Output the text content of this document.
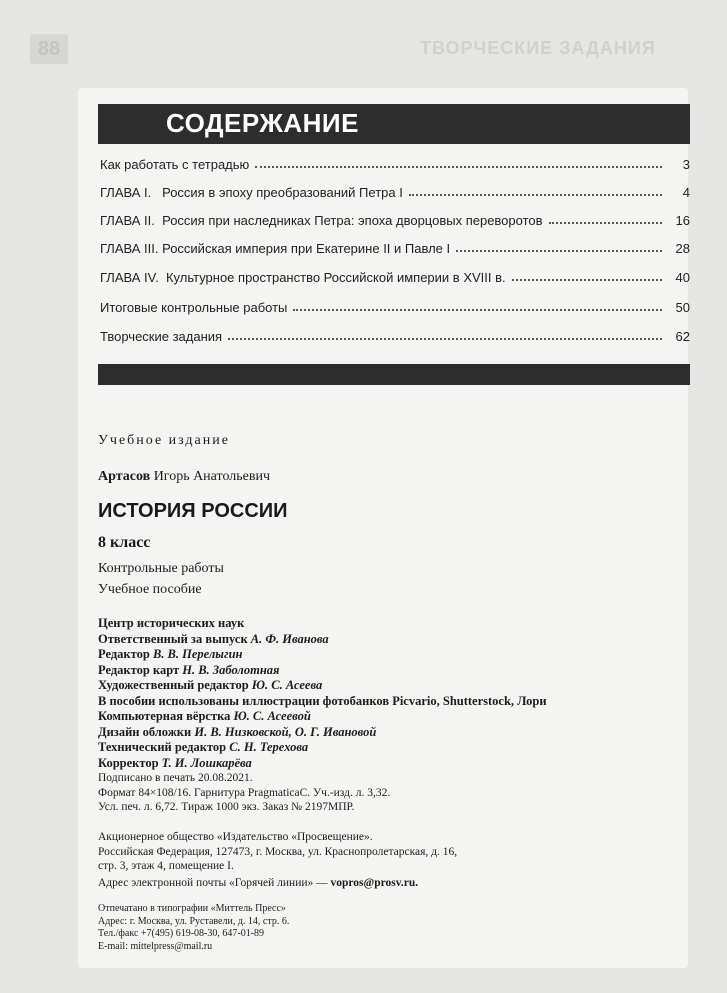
88	ТВОРЧЕСКИЕ ЗАДАНИЯ
СОДЕРЖАНИЕ
Как работать с тетрадью	3
ГЛАВА I.   Россия в эпоху преобразований Петра I	4
ГЛАВА II.  Россия при наследниках Петра: эпоха дворцовых переворотов	16
ГЛАВА III. Российская империя при Екатерине II и Павле I	28
ГЛАВА IV.  Культурное пространство Российской империи в XVIII в.	40
Итоговые контрольные работы	50
Творческие задания	62
Учебное издание
Артасов Игорь Анатольевич
ИСТОРИЯ РОССИИ
8 класс
Контрольные работы
Учебное пособие
Центр исторических наук
Ответственный за выпуск А. Ф. Иванова
Редактор В. В. Перелыгин
Редактор карт Н. В. Заболотная
Художественный редактор Ю. С. Асеева
В пособии использованы иллюстрации фотобанков Picvario, Shutterstock, Лори
Компьютерная вёрстка Ю. С. Асеевой
Дизайн обложки И. В. Низковской, О. Г. Ивановой
Технический редактор С. Н. Терехова
Корректор Т. И. Лошкарёва
Подписано в печать 20.08.2021.
Формат 84×108/16. Гарнитура PragmaticaC. Уч.-изд. л. 3,32.
Усл. печ. л. 6,72. Тираж 1000 экз. Заказ № 2197МПР.
Акционерное общество «Издательство «Просвещение».
Российская Федерация, 127473, г. Москва, ул. Краснопролетарская, д. 16,
стр. 3, этаж 4, помещение I.
Адрес электронной почты «Горячей линии» — vopros@prosv.ru.
Отпечатано в типографии «Миттель Пресс»
Адрес: г. Москва, ул. Руставели, д. 14, стр. 6.
Тел./факс +7(495) 619-08-30, 647-01-89
E-mail: mittelpress@mail.ru
